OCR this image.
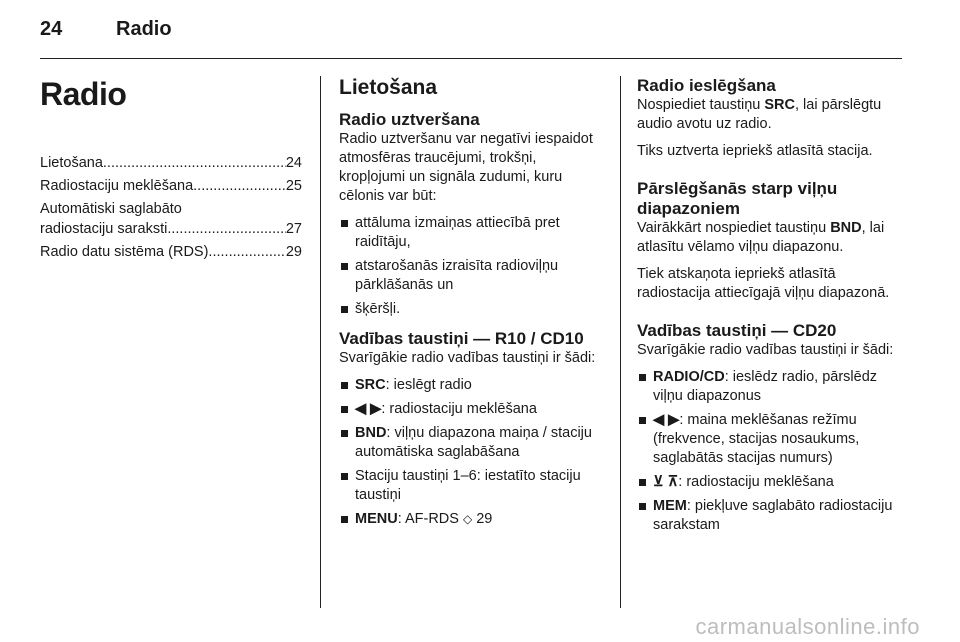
24	Radio
Radio
Lietošana .....	24
Radiostaciju meklēšana .....	25
Automātiski saglabāto
radiostaciju saraksti .....	27
Radio datu sistēma (RDS) .....	29
Lietošana
Radio uztveršana

Radio uztveršanu var negatīvi iespaidot atmosfēras traucējumi, trokšņi, kropļojumi un signāla zudumi, kuru cēlonis var būt:

attāluma izmaiņas attiecībā pret raidītāju,
atstarošanās izraisīta radioviļņu pārklāšanās un
šķēršļi.
Vadības taustiņi — R10 / CD10

Svarīgākie radio vadības taustiņi ir šādi:

SRC: ieslēgt radio
◀ ▶: radiostaciju meklēšana
BND: viļņu diapazona maiņa / staciju automātiska saglabāšana
Staciju taustiņi 1–6: iestatīto staciju taustiņi
MENU: AF-RDS ◇ 29
Radio ieslēgšana

Nospiediet taustiņu SRC, lai pārslēgtu audio avotu uz radio.

Tiks uztverta iepriekš atlasītā stacija.

Pārslēgšanās starp viļņu diapazoniem

Vairākkārt nospiediet taustiņu BND, lai atlasītu vēlamo viļņu diapazonu.

Tiek atskaņota iepriekš atlasītā radiostacija attiecīgajā viļņu diapazonā.

Vadības taustiņi — CD20

Svarīgākie radio vadības taustiņi ir šādi:

RADIO/CD: ieslēdz radio, pārslēdz viļņu diapazonus
◀ ▶: maina meklēšanas režīmu (frekvence, stacijas nosaukums, saglabātās stacijas numurs)
⊻ ⊼: radiostaciju meklēšana
MEM: piekļuve saglabāto radiostaciju sarakstam
carmanualsonline.info
